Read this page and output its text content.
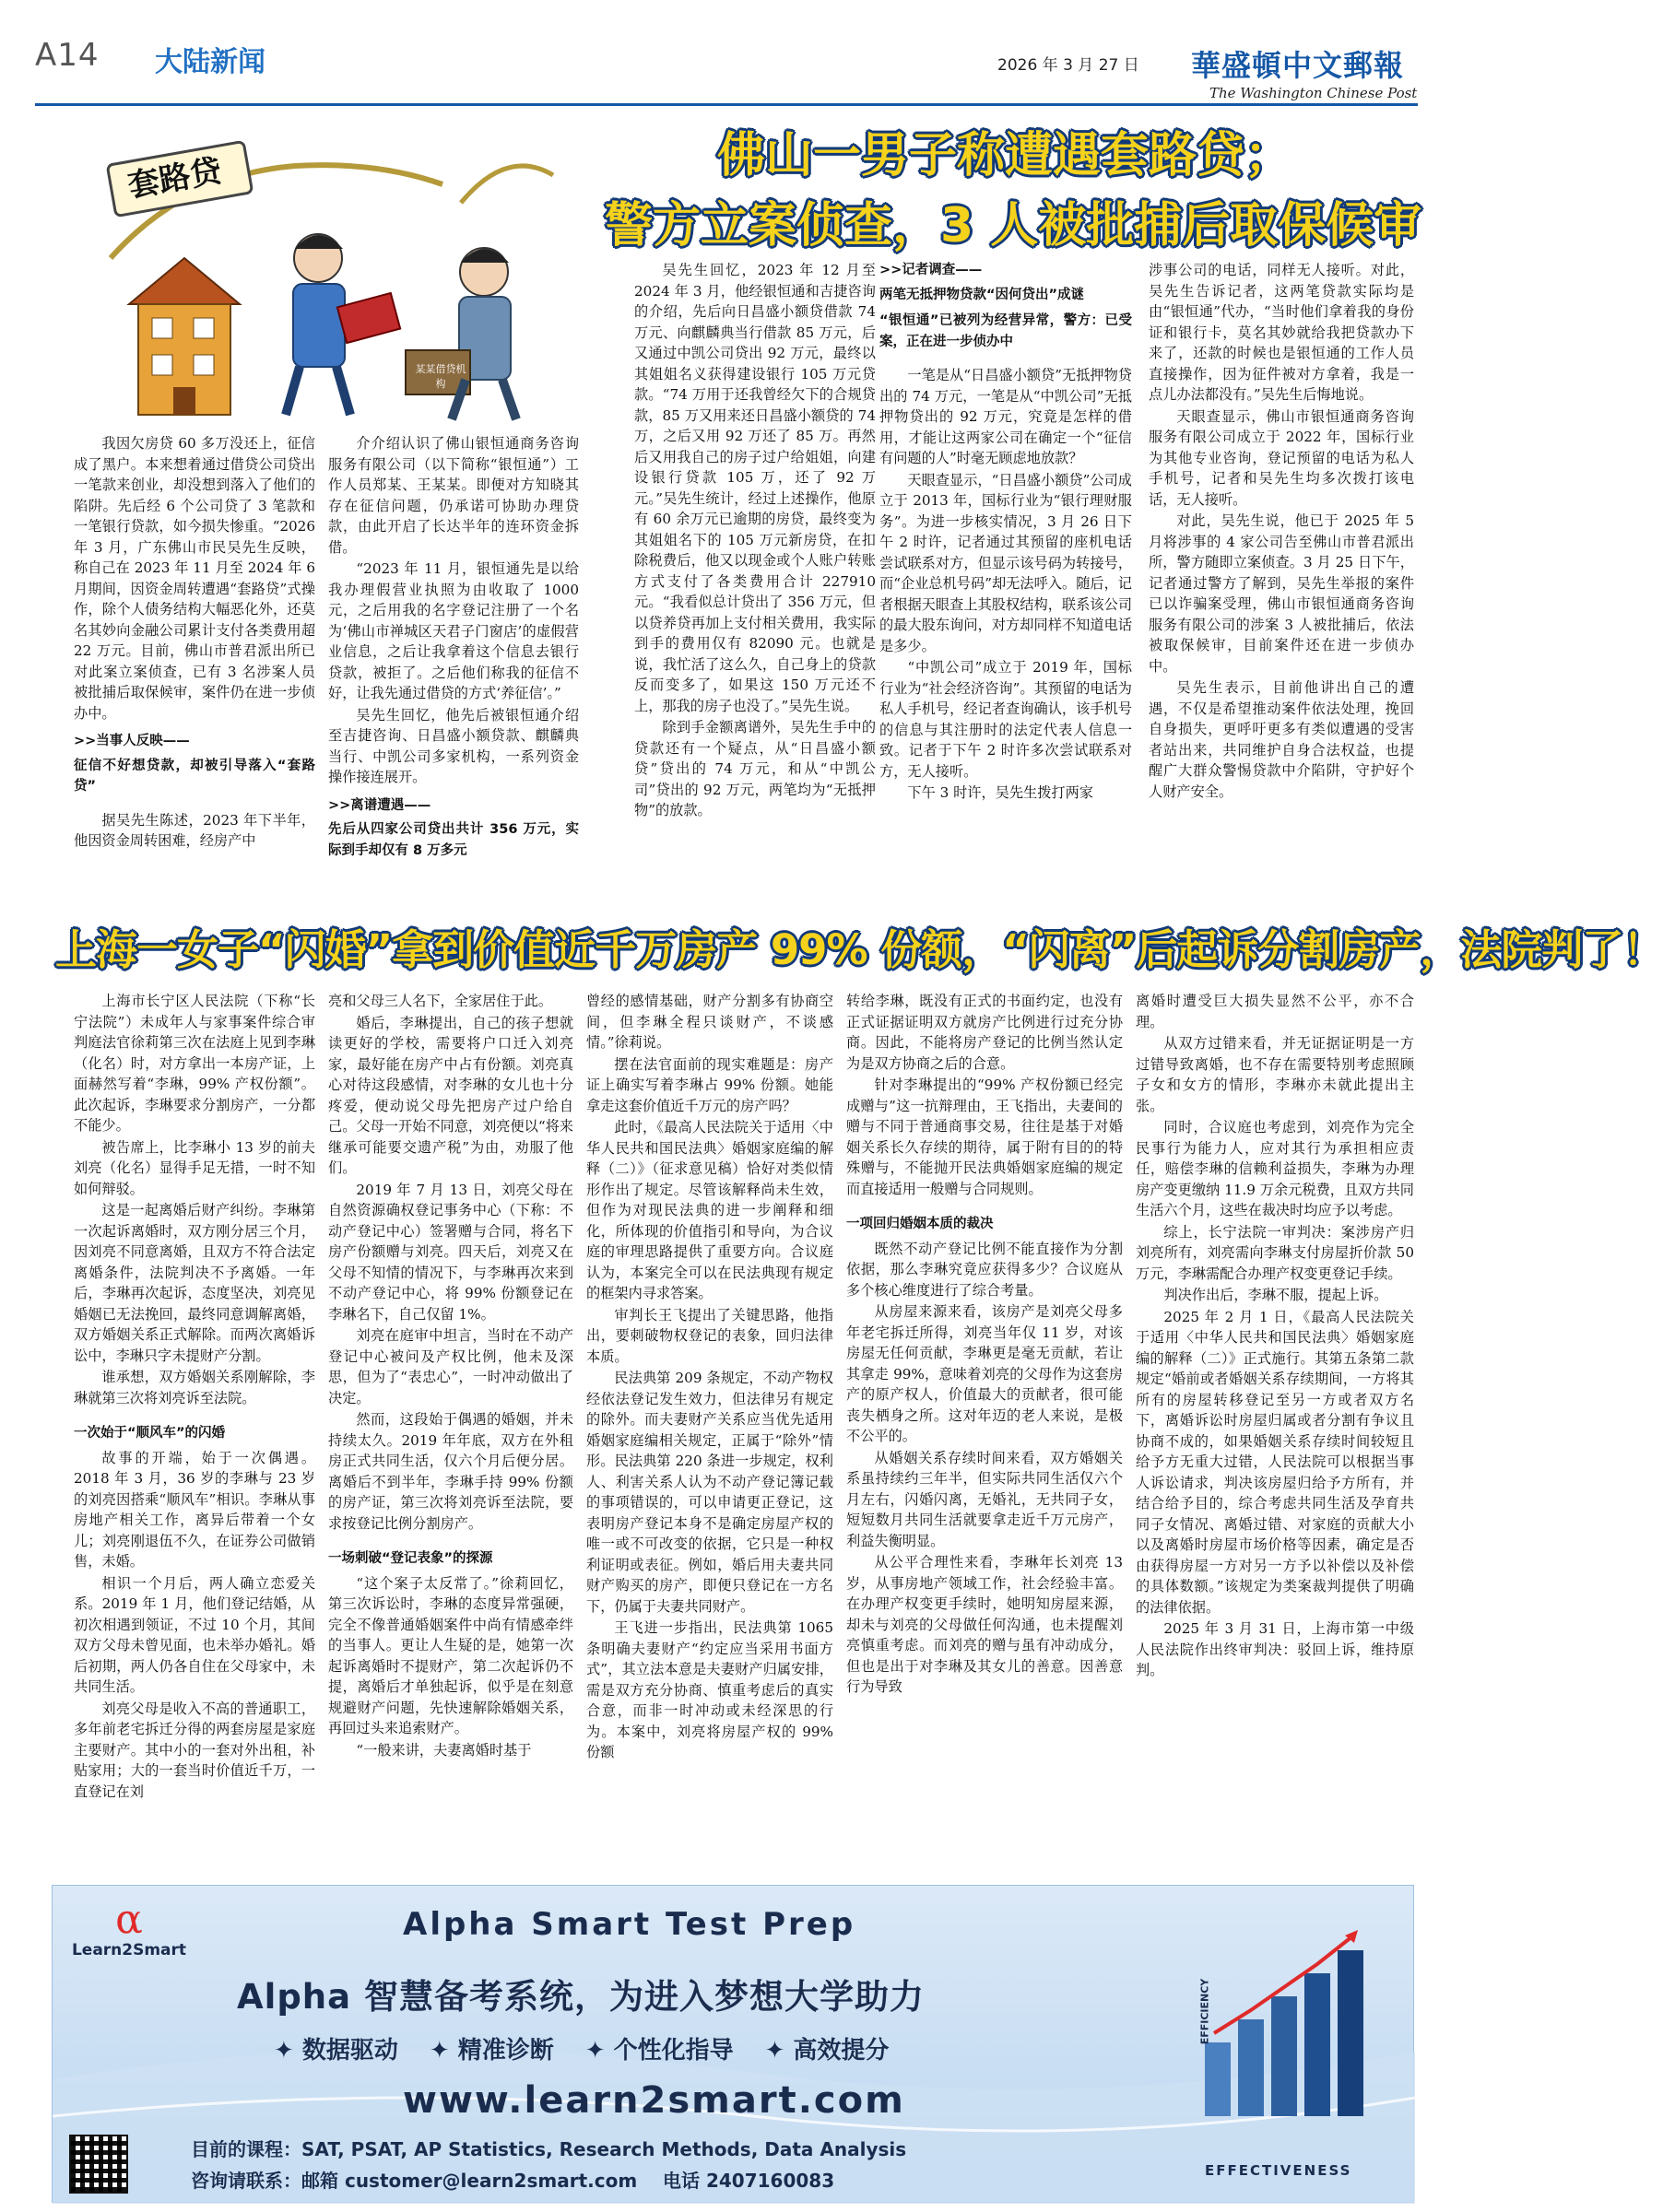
A14 大陆新闻	2026 年 3 月 27 日 華盛頓中文郵報
The Washington Chinese Post
套路贷
某某借贷机构
佛山一男子称遭遇套路贷；
警方立案侦查，3 人被批捕后取保候审

我因欠房贷 60 多万没还上，征信成了黑户。本来想着通过借贷公司贷出一笔款来创业，却没想到落入了他们的陷阱。先后经 6 个公司贷了 3 笔款和一笔银行贷款，如今损失惨重。“2026 年 3 月，广东佛山市民吴先生反映，称自己在 2023 年 11 月至 2024 年 6 月期间，因资金周转遭遇“套路贷”式操作，除个人债务结构大幅恶化外，还莫名其妙向金融公司累计支付各类费用超 22 万元。目前，佛山市普君派出所已对此案立案侦查，已有 3 名涉案人员被批捕后取保候审，案件仍在进一步侦办中。

>>当事人反映——
征信不好想贷款，却被引导落入“套路贷”

据吴先生陈述，2023 年下半年，他因资金周转困难，经房产中

介介绍认识了佛山银恒通商务咨询服务有限公司（以下简称“银恒通”）工作人员郑某、王某某。即便对方知晓其存在征信问题，仍承诺可协助办理贷款，由此开启了长达半年的连环资金拆借。

“2023 年 11 月，银恒通先是以给我办理假营业执照为由收取了 1000 元，之后用我的名字登记注册了一个名为‘佛山市禅城区天君子门窗店’的虚假营业信息，之后让我拿着这个信息去银行贷款，被拒了。之后他们称我的征信不好，让我先通过借贷的方式‘养征信’。”

吴先生回忆，他先后被银恒通介绍至吉捷咨询、日昌盛小额贷款、麒麟典当行、中凯公司多家机构，一系列资金操作接连展开。

>>离谱遭遇——
先后从四家公司贷出共计 356 万元，实际到手却仅有 8 万多元

吴先生回忆，2023 年 12 月至 2024 年 3 月，他经银恒通和吉捷咨询的介绍，先后向日昌盛小额贷借款 74 万元、向麒麟典当行借款 85 万元，后又通过中凯公司贷出 92 万元，最终以其姐姐名义获得建设银行 105 万元贷款。“74 万用于还我曾经欠下的合规贷款，85 万又用来还日昌盛小额贷的 74 万，之后又用 92 万还了 85 万。再然后又用我自己的房子过户给姐姐，向建设银行贷款 105 万，还了 92 万元。”吴先生统计，经过上述操作，他原有 60 余万元已逾期的房贷，最终变为其姐姐名下的 105 万元新房贷，在扣除税费后，他又以现金或个人账户转账方式支付了各类费用合计 227910 元。“我看似总计贷出了 356 万元，但以贷养贷再加上支付相关费用，我实际到手的费用仅有 82090 元。也就是说，我忙活了这么久，自己身上的贷款反而变多了，如果这 150 万元还不上，那我的房子也没了。”吴先生说。

除到手金额离谱外，吴先生手中的贷款还有一个疑点，从“日昌盛小额贷”贷出的 74 万元，和从“中凯公司”贷出的 92 万元，两笔均为“无抵押物”的放款。

>>记者调查——
两笔无抵押物贷款“因何贷出”成谜
“银恒通”已被列为经营异常，警方：已受案，正在进一步侦办中

一笔是从“日昌盛小额贷”无抵押物贷出的 74 万元，一笔是从“中凯公司”无抵押物贷出的 92 万元，究竟是怎样的借用，才能让这两家公司在确定一个“征信有问题的人”时毫无顾虑地放款？

天眼查显示，“日昌盛小额贷”公司成立于 2013 年，国标行业为“银行理财服务”。为进一步核实情况，3 月 26 日下午 2 时许，记者通过其预留的座机电话尝试联系对方，但显示该号码为转接号，而“企业总机号码”却无法呼入。随后，记者根据天眼查上其股权结构，联系该公司的最大股东询问，对方却同样不知道电话是多少。

“中凯公司”成立于 2019 年，国标行业为“社会经济咨询”。其预留的电话为私人手机号，经记者查询确认，该手机号的信息与其注册时的法定代表人信息一致。记者于下午 2 时许多次尝试联系对方，无人接听。

下午 3 时许，吴先生拨打两家

涉事公司的电话，同样无人接听。对此，吴先生告诉记者，这两笔贷款实际均是由“银恒通”代办，“当时他们拿着我的身份证和银行卡，莫名其妙就给我把贷款办下来了，还款的时候也是银恒通的工作人员直接操作，因为征件被对方拿着，我是一点儿办法都没有。”吴先生后悔地说。

天眼查显示，佛山市银恒通商务咨询服务有限公司成立于 2022 年，国标行业为其他专业咨询，登记预留的电话为私人手机号，记者和吴先生均多次拨打该电话，无人接听。

对此，吴先生说，他已于 2025 年 5 月将涉事的 4 家公司告至佛山市普君派出所，警方随即立案侦查。3 月 25 日下午，记者通过警方了解到，吴先生举报的案件已以诈骗案受理，佛山市银恒通商务咨询服务有限公司的涉案 3 人被批捕后，依法被取保候审，目前案件还在进一步侦办中。

吴先生表示，目前他讲出自己的遭遇，不仅是希望推动案件依法处理，挽回自身损失，更呼吁更多有类似遭遇的受害者站出来，共同维护自身合法权益，也提醒广大群众警惕贷款中介陷阱，守护好个人财产安全。

上海一女子“闪婚”拿到价值近千万房产 99% 份额，“闪离”后起诉分割房产，法院判了！

上海市长宁区人民法院（下称“长宁法院”）未成年人与家事案件综合审判庭法官徐莉第三次在法庭上见到李琳（化名）时，对方拿出一本房产证，上面赫然写着“李琳，99% 产权份额”。此次起诉，李琳要求分割房产，一分都不能少。

被告席上，比李琳小 13 岁的前夫刘亮（化名）显得手足无措，一时不知如何辩驳。

这是一起离婚后财产纠纷。李琳第一次起诉离婚时，双方刚分居三个月，因刘亮不同意离婚，且双方不符合法定离婚条件，法院判决不予离婚。一年后，李琳再次起诉，态度坚决，刘亮见婚姻已无法挽回，最终同意调解离婚，双方婚姻关系正式解除。而两次离婚诉讼中，李琳只字未提财产分割。

谁承想，双方婚姻关系刚解除，李琳就第三次将刘亮诉至法院。

一次始于“顺风车”的闪婚

故事的开端，始于一次偶遇。2018 年 3 月，36 岁的李琳与 23 岁的刘亮因搭乘“顺风车”相识。李琳从事房地产相关工作，离异后带着一个女儿；刘亮刚退伍不久，在证券公司做销售，未婚。

相识一个月后，两人确立恋爱关系。2019 年 1 月，他们登记结婚，从初次相遇到领证，不过 10 个月，其间双方父母未曾见面，也未举办婚礼。婚后初期，两人仍各自住在父母家中，未共同生活。

刘亮父母是收入不高的普通职工，多年前老宅拆迁分得的两套房屋是家庭主要财产。其中小的一套对外出租，补贴家用；大的一套当时价值近千万，一直登记在刘

亮和父母三人名下，全家居住于此。

婚后，李琳提出，自己的孩子想就读更好的学校，需要将户口迁入刘亮家，最好能在房产中占有份额。刘亮真心对待这段感情，对李琳的女儿也十分疼爱，便动说父母先把房产过户给自己。父母一开始不同意，刘亮便以“将来继承可能要交遗产税”为由，劝服了他们。

2019 年 7 月 13 日，刘亮父母在自然资源确权登记事务中心（下称：不动产登记中心）签署赠与合同，将名下房产份额赠与刘亮。四天后，刘亮又在父母不知情的情况下，与李琳再次来到不动产登记中心，将 99% 份额登记在李琳名下，自己仅留 1%。

刘亮在庭审中坦言，当时在不动产登记中心被问及产权比例，他未及深思，但为了“表忠心”，一时冲动做出了决定。

然而，这段始于偶遇的婚姻，并未持续太久。2019 年年底，双方在外租房正式共同生活，仅六个月后便分居。离婚后不到半年，李琳手持 99% 份额的房产证，第三次将刘亮诉至法院，要求按登记比例分割房产。

一场刺破“登记表象”的探源

“这个案子太反常了。”徐莉回忆，第三次诉讼时，李琳的态度异常强硬，完全不像普通婚姻案件中尚有情感牵绊的当事人。更让人生疑的是，她第一次起诉离婚时不提财产，第二次起诉仍不提，离婚后才单独起诉，似乎是在刻意规避财产问题，先快速解除婚姻关系，再回过头来追索财产。

“一般来讲，夫妻离婚时基于

曾经的感情基础，财产分割多有协商空间，但李琳全程只谈财产，不谈感情。”徐莉说。

摆在法官面前的现实难题是：房产证上确实写着李琳占 99% 份额。她能拿走这套价值近千万元的房产吗？

此时，《最高人民法院关于适用〈中华人民共和国民法典〉婚姻家庭编的解释（二）》（征求意见稿）恰好对类似情形作出了规定。尽管该解释尚未生效，但作为对现民法典的进一步阐释和细化，所体现的价值指引和导向，为合议庭的审理思路提供了重要方向。合议庭认为，本案完全可以在民法典现有规定的框架内寻求答案。

审判长王飞提出了关键思路，他指出，要刺破物权登记的表象，回归法律本质。

民法典第 209 条规定，不动产物权经依法登记发生效力，但法律另有规定的除外。而夫妻财产关系应当优先适用婚姻家庭编相关规定，正属于“除外”情形。民法典第 220 条进一步规定，权利人、利害关系人认为不动产登记簿记载的事项错误的，可以申请更正登记，这表明房产登记本身不是确定房屋产权的唯一或不可改变的依据，它只是一种权利证明或表征。例如，婚后用夫妻共同财产购买的房产，即便只登记在一方名下，仍属于夫妻共同财产。

王飞进一步指出，民法典第 1065 条明确夫妻财产“约定应当采用书面方式”，其立法本意是夫妻财产归属安排，需是双方充分协商、慎重考虑后的真实合意，而非一时冲动或未经深思的行为。本案中，刘亮将房屋产权的 99% 份额

转给李琳，既没有正式的书面约定，也没有正式证据证明双方就房产比例进行过充分协商。因此，不能将房产登记的比例当然认定为是双方协商之后的合意。

针对李琳提出的“99% 产权份额已经完成赠与”这一抗辩理由，王飞指出，夫妻间的赠与不同于普通商事交易，往往是基于对婚姻关系长久存续的期待，属于附有目的的特殊赠与，不能抛开民法典婚姻家庭编的规定而直接适用一般赠与合同规则。

一项回归婚姻本质的裁决

既然不动产登记比例不能直接作为分割依据，那么李琳究竟应获得多少？合议庭从多个核心维度进行了综合考量。

从房屋来源来看，该房产是刘亮父母多年老宅拆迁所得，刘亮当年仅 11 岁，对该房屋无任何贡献，李琳更是毫无贡献，若让其拿走 99%，意味着刘亮的父母作为这套房产的原产权人，价值最大的贡献者，很可能丧失栖身之所。这对年迈的老人来说，是极不公平的。

从婚姻关系存续时间来看，双方婚姻关系虽持续约三年半，但实际共同生活仅六个月左右，闪婚闪离，无婚礼，无共同子女，短短数月共同生活就要拿走近千万元房产，利益失衡明显。

从公平合理性来看，李琳年长刘亮 13 岁，从事房地产领域工作，社会经验丰富。在办理产权变更手续时，她明知房屋来源，却未与刘亮的父母做任何沟通，也未提醒刘亮慎重考虑。而刘亮的赠与虽有冲动成分，但也是出于对李琳及其女儿的善意。因善意行为导致

离婚时遭受巨大损失显然不公平，亦不合理。

从双方过错来看，并无证据证明是一方过错导致离婚，也不存在需要特别考虑照顾子女和女方的情形，李琳亦未就此提出主张。

同时，合议庭也考虑到，刘亮作为完全民事行为能力人，应对其行为承担相应责任，赔偿李琳的信赖利益损失，李琳为办理房产变更缴纳 11.9 万余元税费，且双方共同生活六个月，这些在裁决时均应予以考虑。

综上，长宁法院一审判决：案涉房产归刘亮所有，刘亮需向李琳支付房屋折价款 50 万元，李琳需配合办理产权变更登记手续。

判决作出后，李琳不服，提起上诉。

2025 年 2 月 1 日，《最高人民法院关于适用〈中华人民共和国民法典〉婚姻家庭编的解释（二）》正式施行。其第五条第二款规定“婚前或者婚姻关系存续期间，一方将其所有的房屋转移登记至另一方或者双方名下，离婚诉讼时房屋归属或者分割有争议且协商不成的，如果婚姻关系存续时间较短且给予方无重大过错，人民法院可以根据当事人诉讼请求，判决该房屋归给予方所有，并结合给予目的，综合考虑共同生活及孕育共同子女情况、离婚过错、对家庭的贡献大小以及离婚时房屋市场价格等因素，确定是否由获得房屋一方对另一方予以补偿以及补偿的具体数额。”该规定为类案裁判提供了明确的法律依据。

2025 年 3 月 31 日，上海市第一中级人民法院作出终审判决：驳回上诉，维持原判。

α
Learn2Smart
Alpha Smart Test Prep
Alpha 智慧备考系统，为进入梦想大学助力
✦ 数据驱动 ✦ 精准诊断 ✦ 个性化指导 ✦ 高效提分
www.learn2smart.com
目前的课程：SAT, PSAT, AP Statistics, Research Methods, Data Analysis
咨询请联系：邮箱 customer@learn2smart.com    电话 2407160083
EFFICIENCY
EFFECTIVENESS
